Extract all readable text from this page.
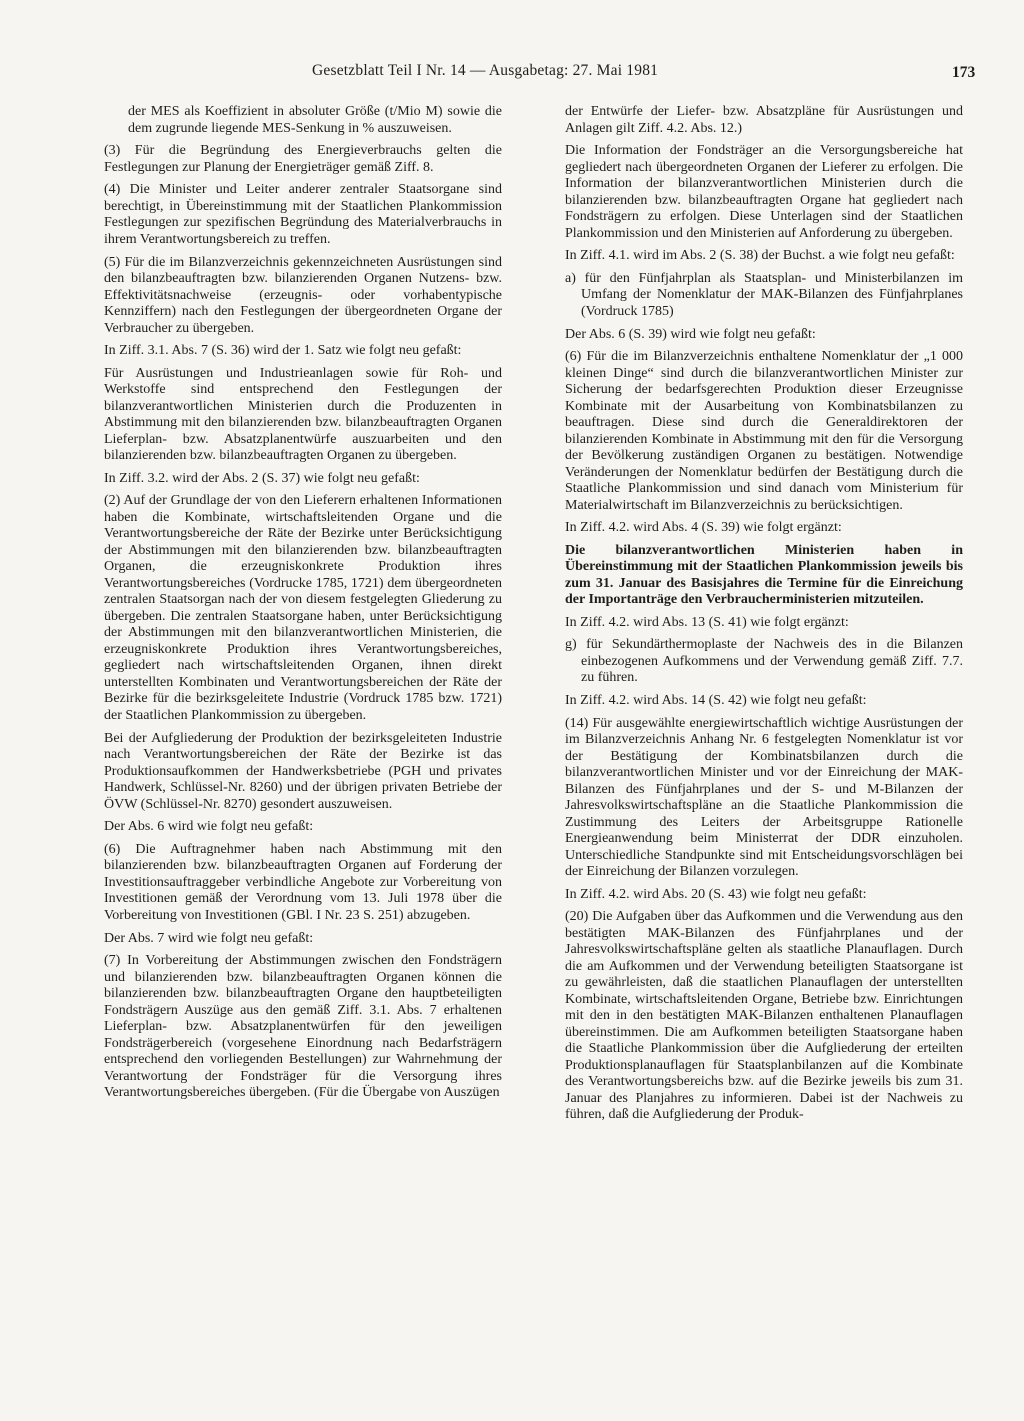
Gesetzblatt Teil I Nr. 14 — Ausgabetag: 27. Mai 1981	173

der MES als Koeffizient in absoluter Größe (t/Mio M) sowie die dem zugrunde liegende MES-Senkung in % auszuweisen.

(3) Für die Begründung des Energieverbrauchs gelten die Festlegungen zur Planung der Energieträger gemäß Ziff. 8.

(4) Die Minister und Leiter anderer zentraler Staatsorgane sind berechtigt, in Übereinstimmung mit der Staatlichen Plankommission Festlegungen zur spezifischen Begründung des Materialverbrauchs in ihrem Verantwortungsbereich zu treffen.

(5) Für die im Bilanzverzeichnis gekennzeichneten Ausrüstungen sind den bilanzbeauftragten bzw. bilanzierenden Organen Nutzens- bzw. Effektivitätsnachweise (erzeugnis- oder vorhabentypische Kennziffern) nach den Festlegungen der übergeordneten Organe der Verbraucher zu übergeben.

In Ziff. 3.1. Abs. 7 (S. 36) wird der 1. Satz wie folgt neu gefaßt:

Für Ausrüstungen und Industrieanlagen sowie für Roh- und Werkstoffe sind entsprechend den Festlegungen der bilanzverantwortlichen Ministerien durch die Produzenten in Abstimmung mit den bilanzierenden bzw. bilanzbeauftragten Organen Lieferplan- bzw. Absatzplanentwürfe auszuarbeiten und den bilanzierenden bzw. bilanzbeauftragten Organen zu übergeben.

In Ziff. 3.2. wird der Abs. 2 (S. 37) wie folgt neu gefaßt:

(2) Auf der Grundlage der von den Lieferern erhaltenen Informationen haben die Kombinate, wirtschaftsleitenden Organe und die Verantwortungsbereiche der Räte der Bezirke unter Berücksichtigung der Abstimmungen mit den bilanzierenden bzw. bilanzbeauftragten Organen, die erzeugniskonkrete Produktion ihres Verantwortungsbereiches (Vordrucke 1785, 1721) dem übergeordneten zentralen Staatsorgan nach der von diesem festgelegten Gliederung zu übergeben. Die zentralen Staatsorgane haben, unter Berücksichtigung der Abstimmungen mit den bilanzverantwortlichen Ministerien, die erzeugniskonkrete Produktion ihres Verantwortungsbereiches, gegliedert nach wirtschaftsleitenden Organen, ihnen direkt unterstellten Kombinaten und Verantwortungsbereichen der Räte der Bezirke für die bezirksgeleitete Industrie (Vordruck 1785 bzw. 1721) der Staatlichen Plankommission zu übergeben.

Bei der Aufgliederung der Produktion der bezirksgeleiteten Industrie nach Verantwortungsbereichen der Räte der Bezirke ist das Produktionsaufkommen der Handwerksbetriebe (PGH und privates Handwerk, Schlüssel-Nr. 8260) und der übrigen privaten Betriebe der ÖVW (Schlüssel-Nr. 8270) gesondert auszuweisen.

Der Abs. 6 wird wie folgt neu gefaßt:

(6) Die Auftragnehmer haben nach Abstimmung mit den bilanzierenden bzw. bilanzbeauftragten Organen auf Forderung der Investitionsauftraggeber verbindliche Angebote zur Vorbereitung von Investitionen gemäß der Verordnung vom 13. Juli 1978 über die Vorbereitung von Investitionen (GBl. I Nr. 23 S. 251) abzugeben.

Der Abs. 7 wird wie folgt neu gefaßt:

(7) In Vorbereitung der Abstimmungen zwischen den Fondsträgern und bilanzierenden bzw. bilanzbeauftragten Organen können die bilanzierenden bzw. bilanzbeauftragten Organe den hauptbeteiligten Fondsträgern Auszüge aus den gemäß Ziff. 3.1. Abs. 7 erhaltenen Lieferplan- bzw. Absatzplanentwürfen für den jeweiligen Fondsträgerbereich (vorgesehene Einordnung nach Bedarfsträgern entsprechend den vorliegenden Bestellungen) zur Wahrnehmung der Verantwortung der Fondsträger für die Versorgung ihres Verantwortungsbereiches übergeben. (Für die Übergabe von Auszügen

der Entwürfe der Liefer- bzw. Absatzpläne für Ausrüstungen und Anlagen gilt Ziff. 4.2. Abs. 12.)

Die Information der Fondsträger an die Versorgungsbereiche hat gegliedert nach übergeordneten Organen der Lieferer zu erfolgen. Die Information der bilanzverantwortlichen Ministerien durch die bilanzierenden bzw. bilanzbeauftragten Organe hat gegliedert nach Fondsträgern zu erfolgen. Diese Unterlagen sind der Staatlichen Plankommission und den Ministerien auf Anforderung zu übergeben.

In Ziff. 4.1. wird im Abs. 2 (S. 38) der Buchst. a wie folgt neu gefaßt:

a) für den Fünfjahrplan als Staatsplan- und Ministerbilanzen im Umfang der Nomenklatur der MAK-Bilanzen des Fünfjahrplanes (Vordruck 1785)

Der Abs. 6 (S. 39) wird wie folgt neu gefaßt:

(6) Für die im Bilanzverzeichnis enthaltene Nomenklatur der „1 000 kleinen Dinge“ sind durch die bilanzverantwortlichen Minister zur Sicherung der bedarfsgerechten Produktion dieser Erzeugnisse Kombinate mit der Ausarbeitung von Kombinatsbilanzen zu beauftragen. Diese sind durch die Generaldirektoren der bilanzierenden Kombinate in Abstimmung mit den für die Versorgung der Bevölkerung zuständigen Organen zu bestätigen. Notwendige Veränderungen der Nomenklatur bedürfen der Bestätigung durch die Staatliche Plankommission und sind danach vom Ministerium für Materialwirtschaft im Bilanzverzeichnis zu berücksichtigen.

In Ziff. 4.2. wird Abs. 4 (S. 39) wie folgt ergänzt:

Die bilanzverantwortlichen Ministerien haben in Übereinstimmung mit der Staatlichen Plankommission jeweils bis zum 31. Januar des Basisjahres die Termine für die Einreichung der Importanträge den Verbraucherministerien mitzuteilen.

In Ziff. 4.2. wird Abs. 13 (S. 41) wie folgt ergänzt:

g) für Sekundärthermoplaste der Nachweis des in die Bilanzen einbezogenen Aufkommens und der Verwendung gemäß Ziff. 7.7. zu führen.

In Ziff. 4.2. wird Abs. 14 (S. 42) wie folgt neu gefaßt:

(14) Für ausgewählte energiewirtschaftlich wichtige Ausrüstungen der im Bilanzverzeichnis Anhang Nr. 6 festgelegten Nomenklatur ist vor der Bestätigung der Kombinatsbilanzen durch die bilanzverantwortlichen Minister und vor der Einreichung der MAK-Bilanzen des Fünfjahrplanes und der S- und M-Bilanzen der Jahresvolkswirtschaftspläne an die Staatliche Plankommission die Zustimmung des Leiters der Arbeitsgruppe Rationelle Energieanwendung beim Ministerrat der DDR einzuholen. Unterschiedliche Standpunkte sind mit Entscheidungsvorschlägen bei der Einreichung der Bilanzen vorzulegen.

In Ziff. 4.2. wird Abs. 20 (S. 43) wie folgt neu gefaßt:

(20) Die Aufgaben über das Aufkommen und die Verwendung aus den bestätigten MAK-Bilanzen des Fünfjahrplanes und der Jahresvolkswirtschaftspläne gelten als staatliche Planauflagen. Durch die am Aufkommen und der Verwendung beteiligten Staatsorgane ist zu gewährleisten, daß die staatlichen Planauflagen der unterstellten Kombinate, wirtschaftsleitenden Organe, Betriebe bzw. Einrichtungen mit den in den bestätigten MAK-Bilanzen enthaltenen Planauflagen übereinstimmen. Die am Aufkommen beteiligten Staatsorgane haben die Staatliche Plankommission über die Aufgliederung der erteilten Produktionsplanauflagen für Staatsplanbilanzen auf die Kombinate des Verantwortungsbereichs bzw. auf die Bezirke jeweils bis zum 31. Januar des Planjahres zu informieren. Dabei ist der Nachweis zu führen, daß die Aufgliederung der Produk-
